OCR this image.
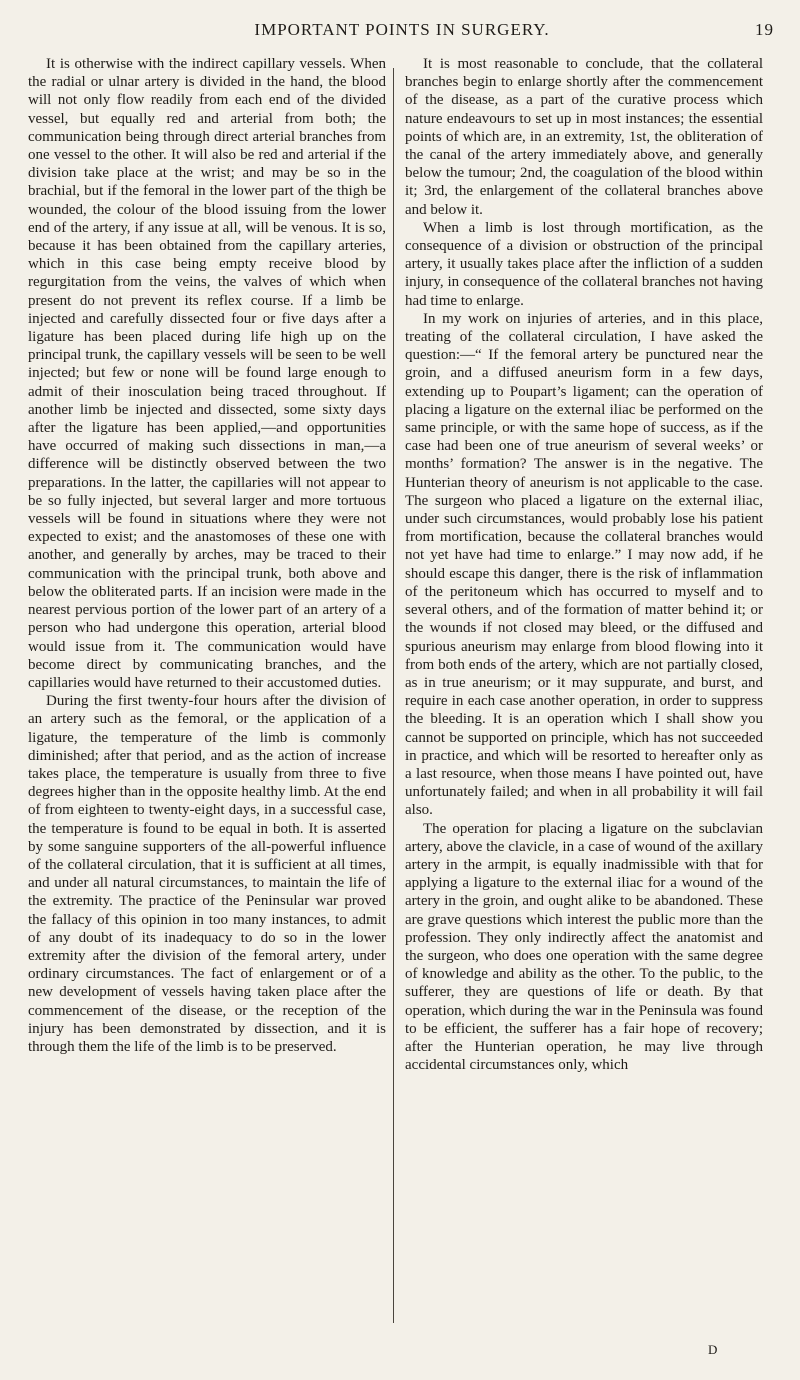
IMPORTANT POINTS IN SURGERY.	19

It is otherwise with the indirect capillary vessels. When the radial or ulnar artery is divided in the hand, the blood will not only flow readily from each end of the divided vessel, but equally red and arterial from both; the communication being through direct arterial branches from one vessel to the other. It will also be red and arterial if the division take place at the wrist; and may be so in the brachial, but if the femoral in the lower part of the thigh be wounded, the colour of the blood issuing from the lower end of the artery, if any issue at all, will be venous. It is so, because it has been obtained from the capillary arteries, which in this case being empty receive blood by regurgitation from the veins, the valves of which when present do not prevent its reflex course. If a limb be injected and carefully dissected four or five days after a ligature has been placed during life high up on the principal trunk, the capillary vessels will be seen to be well injected; but few or none will be found large enough to admit of their inosculation being traced throughout. If another limb be injected and dissected, some sixty days after the ligature has been applied,—and opportunities have occurred of making such dissections in man,—a difference will be distinctly observed between the two preparations. In the latter, the capillaries will not appear to be so fully injected, but several larger and more tortuous vessels will be found in situations where they were not expected to exist; and the anastomoses of these one with another, and generally by arches, may be traced to their communication with the principal trunk, both above and below the obliterated parts. If an incision were made in the nearest pervious portion of the lower part of an artery of a person who had undergone this operation, arterial blood would issue from it. The communication would have become direct by communicating branches, and the capillaries would have returned to their accustomed duties.

During the first twenty-four hours after the division of an artery such as the femoral, or the application of a ligature, the temperature of the limb is commonly diminished; after that period, and as the action of increase takes place, the temperature is usually from three to five degrees higher than in the opposite healthy limb. At the end of from eighteen to twenty-eight days, in a successful case, the temperature is found to be equal in both. It is asserted by some sanguine supporters of the all-powerful influence of the collateral circulation, that it is sufficient at all times, and under all natural circumstances, to maintain the life of the extremity. The practice of the Peninsular war proved the fallacy of this opinion in too many instances, to admit of any doubt of its inadequacy to do so in the lower extremity after the division of the femoral artery, under ordinary circumstances. The fact of enlargement or of a new development of vessels having taken place after the commencement of the disease, or the reception of the injury has been demonstrated by dissection, and it is through them the life of the limb is to be preserved.

It is most reasonable to conclude, that the collateral branches begin to enlarge shortly after the commencement of the disease, as a part of the curative process which nature endeavours to set up in most instances; the essential points of which are, in an extremity, 1st, the obliteration of the canal of the artery immediately above, and generally below the tumour; 2nd, the coagulation of the blood within it; 3rd, the enlargement of the collateral branches above and below it.

When a limb is lost through mortification, as the consequence of a division or obstruction of the principal artery, it usually takes place after the infliction of a sudden injury, in consequence of the collateral branches not having had time to enlarge.

In my work on injuries of arteries, and in this place, treating of the collateral circulation, I have asked the question:—“ If the femoral artery be punctured near the groin, and a diffused aneurism form in a few days, extending up to Poupart’s ligament; can the operation of placing a ligature on the external iliac be performed on the same principle, or with the same hope of success, as if the case had been one of true aneurism of several weeks’ or months’ formation? The answer is in the negative. The Hunterian theory of aneurism is not applicable to the case. The surgeon who placed a ligature on the external iliac, under such circumstances, would probably lose his patient from mortification, because the collateral branches would not yet have had time to enlarge.” I may now add, if he should escape this danger, there is the risk of inflammation of the peritoneum which has occurred to myself and to several others, and of the formation of matter behind it; or the wounds if not closed may bleed, or the diffused and spurious aneurism may enlarge from blood flowing into it from both ends of the artery, which are not partially closed, as in true aneurism; or it may suppurate, and burst, and require in each case another operation, in order to suppress the bleeding. It is an operation which I shall show you cannot be supported on principle, which has not succeeded in practice, and which will be resorted to hereafter only as a last resource, when those means I have pointed out, have unfortunately failed; and when in all probability it will fail also.

The operation for placing a ligature on the subclavian artery, above the clavicle, in a case of wound of the axillary artery in the armpit, is equally inadmissible with that for applying a ligature to the external iliac for a wound of the artery in the groin, and ought alike to be abandoned. These are grave questions which interest the public more than the profession. They only indirectly affect the anatomist and the surgeon, who does one operation with the same degree of knowledge and ability as the other. To the public, to the sufferer, they are questions of life or death. By that operation, which during the war in the Peninsula was found to be efficient, the sufferer has a fair hope of recovery; after the Hunterian operation, he may live through accidental circumstances only, which

D
